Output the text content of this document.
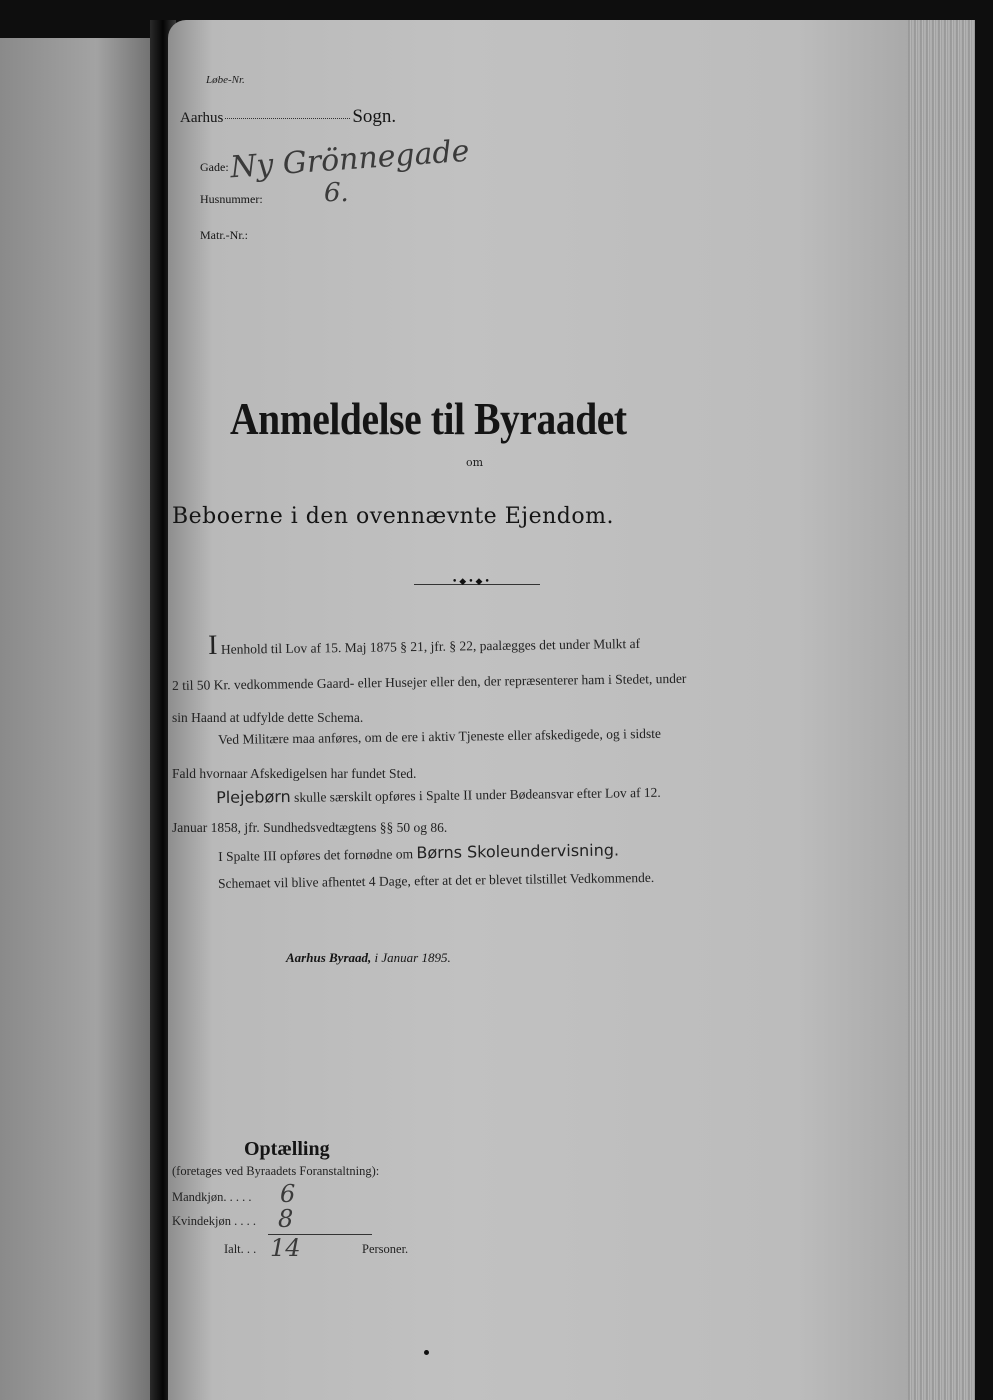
Løbe-Nr.

Aarhus	Sogn.

Gade: Ny Grönnegade

Husnummer: 6.

Matr.-Nr.:

Anmeldelse til Byraadet

om

Beboerne i den ovennævnte Ejendom.
•◆•◆•
I Henhold til Lov af 15. Maj 1875 § 21, jfr. § 22, paalægges det under Mulkt af

2 til 50 Kr. vedkommende Gaard- eller Husejer eller den, der repræsenterer ham i Stedet, under

sin Haand at udfylde dette Schema.

Ved Militære maa anføres, om de ere i aktiv Tjeneste eller afskedigede, og i sidste

Fald hvornaar Afskedigelsen har fundet Sted.

Plejebørn skulle særskilt opføres i Spalte II under Bødeansvar efter Lov af 12.

Januar 1858, jfr. Sundhedsvedtægtens §§ 50 og 86.

I Spalte III opføres det fornødne om Børns Skoleundervisning.

Schemaet vil blive afhentet 4 Dage, efter at det er blevet tilstillet Vedkommende.

Aarhus Byraad, i Januar 1895.

Optælling

(foretages ved Byraadets Foranstaltning):

Mandkjøn. . . . . 6

Kvindekjøn . . . . 8

Ialt. . . 14	Personer.
